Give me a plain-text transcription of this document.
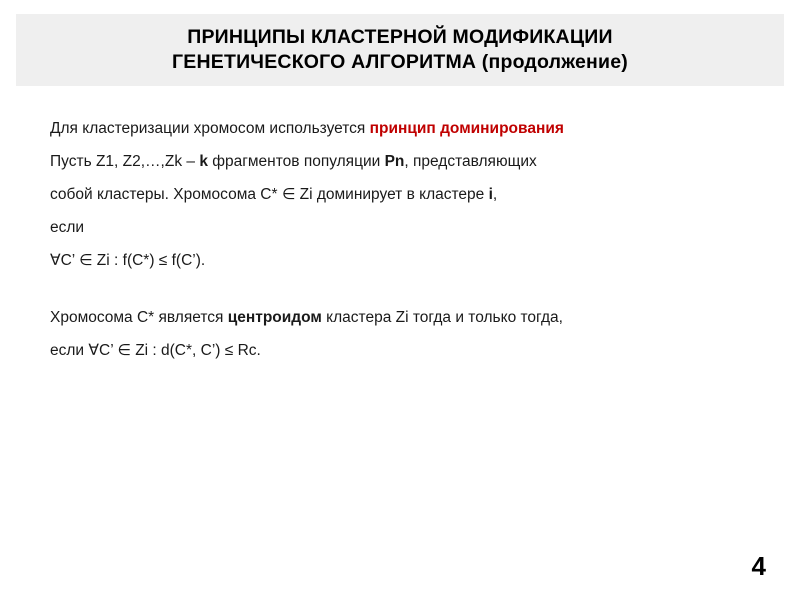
ПРИНЦИПЫ КЛАСТЕРНОЙ МОДИФИКАЦИИ
ГЕНЕТИЧЕСКОГО АЛГОРИТМА (продолжение)
Для кластеризации хромосом используется принцип доминирования
Пусть Z1, Z2,…,Zk – k фрагментов популяции Pn, представляющих
собой кластеры. Хромосома C* ∈ Zi доминирует в кластере i,
если
∀C’ ∈ Zi : f(C*) ≤ f(C’).
Хромосома C* является центроидом кластера Zi тогда и только тогда,
если ∀C’ ∈ Zi : d(C*, C’) ≤ Rc.
4
